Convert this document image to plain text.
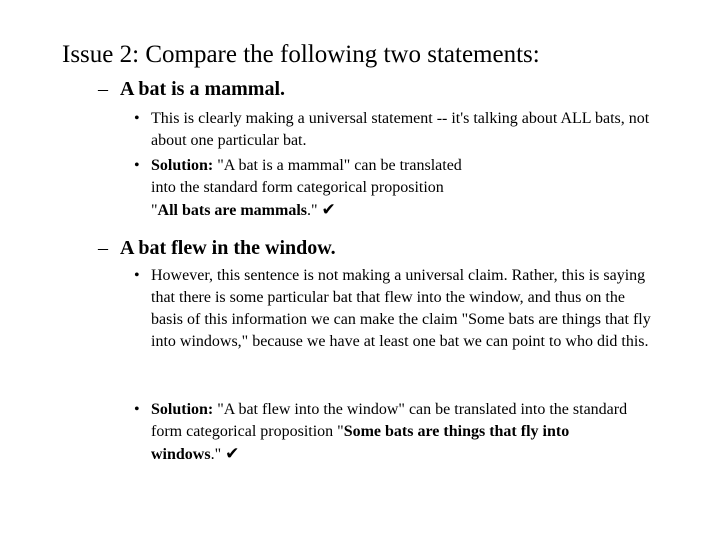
Issue 2: Compare the following two statements:
– A bat is a mammal.
• This is clearly making a universal statement -- it's talking about ALL bats, not about one particular bat.
• Solution: "A bat is a mammal" can be translated into the standard form categorical proposition "All bats are mammals." ✔
– A bat flew in the window.
• However, this sentence is not making a universal claim. Rather, this is saying that there is some particular bat that flew into the window, and thus on the basis of this information we can make the claim "Some bats are things that fly into windows," because we have at least one bat we can point to who did this.
• Solution: "A bat flew into the window" can be translated into the standard form categorical proposition "Some bats are things that fly into windows." ✔
